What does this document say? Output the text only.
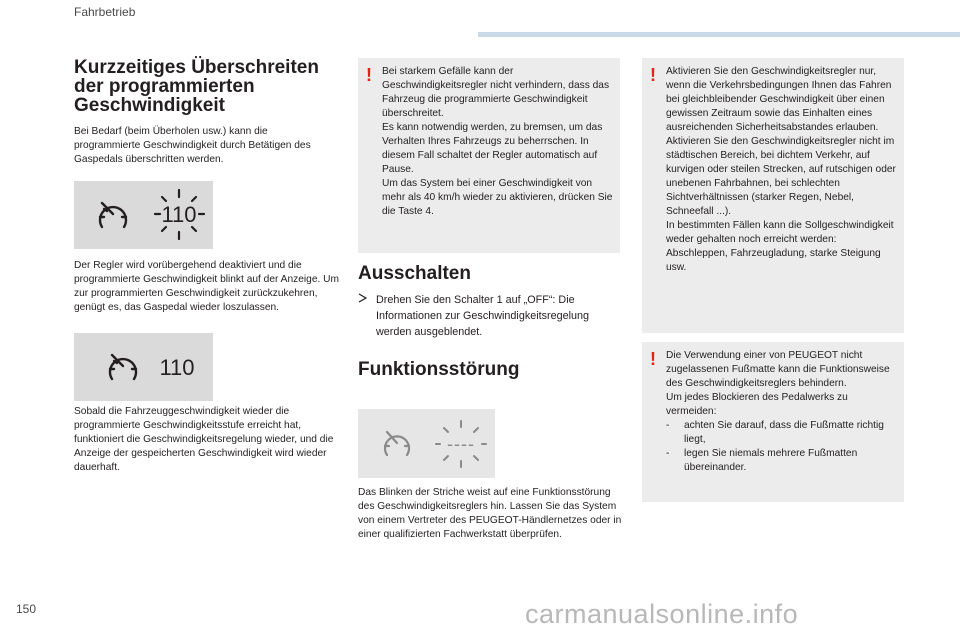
Fahrbetrieb
Kurzzeitiges Überschreiten der programmierten Geschwindigkeit
Bei Bedarf (beim Überholen usw.) kann die programmierte Geschwindigkeit durch Betätigen des Gaspedals überschritten werden.
110
Der Regler wird vorübergehend deaktiviert und die programmierte Geschwindigkeit blinkt auf der Anzeige. Um zur programmierten Geschwindigkeit zurückzukehren, genügt es, das Gaspedal wieder loszulassen.
110
Sobald die Fahrzeuggeschwindigkeit wieder die programmierte Geschwindigkeitsstufe erreicht hat, funktioniert die Geschwindigkeitsregelung wieder, und die Anzeige der gespeicherten Geschwindigkeit wird wieder dauerhaft.
! Bei starkem Gefälle kann der Geschwindigkeitsregler nicht verhindern, dass das Fahrzeug die programmierte Geschwindigkeit überschreitet.
Es kann notwendig werden, zu bremsen, um das Verhalten Ihres Fahrzeugs zu beherrschen. In diesem Fall schaltet der Regler automatisch auf Pause.
Um das System bei einer Geschwindigkeit von mehr als 40 km/h wieder zu aktivieren, drücken Sie die Taste 4.
Ausschalten
Drehen Sie den Schalter 1 auf „OFF“: Die Informationen zur Geschwindigkeitsregelung werden ausgeblendet.
Funktionsstörung
----
Das Blinken der Striche weist auf eine Funktionsstörung des Geschwindigkeitsreglers hin. Lassen Sie das System von einem Vertreter des PEUGEOT-Händlernetzes oder in einer qualifizierten Fachwerkstatt überprüfen.
! Aktivieren Sie den Geschwindigkeitsregler nur, wenn die Verkehrsbedingungen Ihnen das Fahren bei gleichbleibender Geschwindigkeit über einen gewissen Zeitraum sowie das Einhalten eines ausreichenden Sicherheitsabstandes erlauben.
Aktivieren Sie den Geschwindigkeitsregler nicht im städtischen Bereich, bei dichtem Verkehr, auf kurvigen oder steilen Strecken, auf rutschigen oder unebenen Fahrbahnen, bei schlechten Sichtverhältnissen (starker Regen, Nebel, Schneefall ...).
In bestimmten Fällen kann die Sollgeschwindigkeit weder gehalten noch erreicht werden: Abschleppen, Fahrzeugladung, starke Steigung usw.
! Die Verwendung einer von PEUGEOT nicht zugelassenen Fußmatte kann die Funktionsweise des Geschwindigkeitsreglers behindern.
Um jedes Blockieren des Pedalwerks zu vermeiden:
-	achten Sie darauf, dass die Fußmatte richtig liegt,
-	legen Sie niemals mehrere Fußmatten übereinander.
150	carmanualsonline.info
